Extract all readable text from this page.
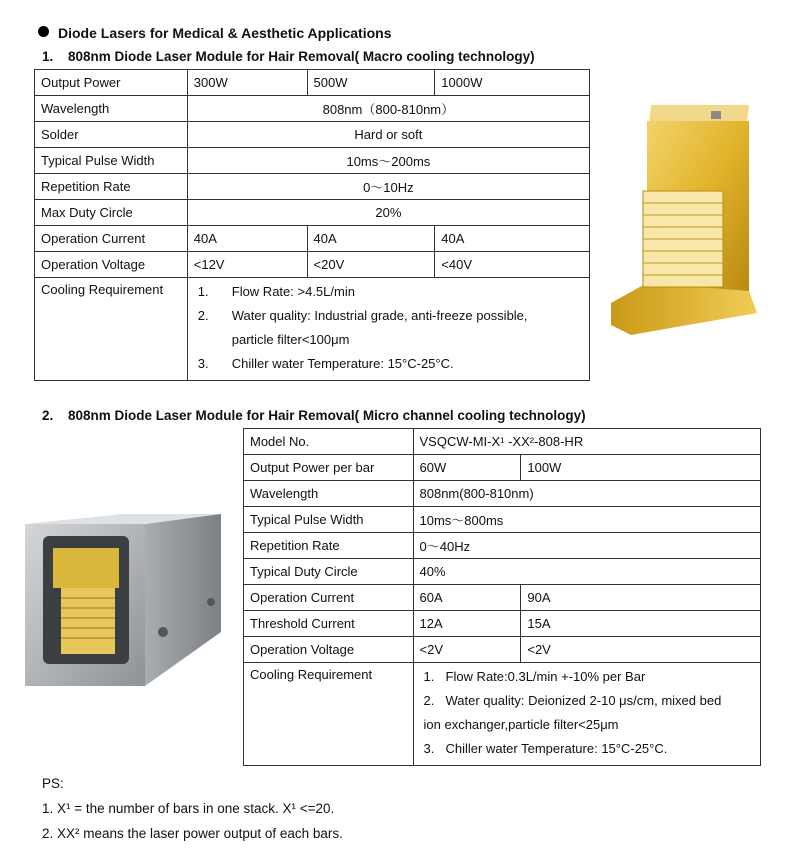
Diode Lasers for Medical & Aesthetic Applications
1. 808nm Diode Laser Module for Hair Removal( Macro cooling technology)
Output Power	300W	500W	1000W
Wavelength	808nm（800-810nm）		
Solder	Hard or soft		
Typical Pulse Width	10ms～200ms		
Repetition Rate	0～10Hz		
Max Duty Circle	20%		
Operation Current	40A	40A	40A
Operation Voltage	<12V	<20V	<40V
Cooling Requirement	1. Flow Rate: >4.5L/min
2. Water quality: Industrial grade, anti-freeze possible,
particle filter<100μm
3. Chiller water Temperature: 15°C-25°C.		
2. 808nm Diode Laser Module for Hair Removal( Micro channel cooling technology)
Model No.	VSQCW-MI-X¹ -XX²-808-HR	
Output Power per bar	60W	100W
Wavelength	808nm(800-810nm)	
Typical Pulse Width	10ms～800ms	
Repetition Rate	0～40Hz	
Typical Duty Circle	40%	
Operation Current	60A	90A
Threshold Current	12A	15A
Operation Voltage	<2V	<2V
Cooling Requirement	1. Flow Rate:0.3L/min +-10% per Bar
2. Water quality: Deionized 2-10 μs/cm, mixed bed
ion exchanger,particle filter<25μm
3. Chiller water Temperature: 15°C-25°C.	
PS:
1. X¹ = the number of bars in one stack. X¹ <=20.
2. XX² means the laser power output of each bars.
